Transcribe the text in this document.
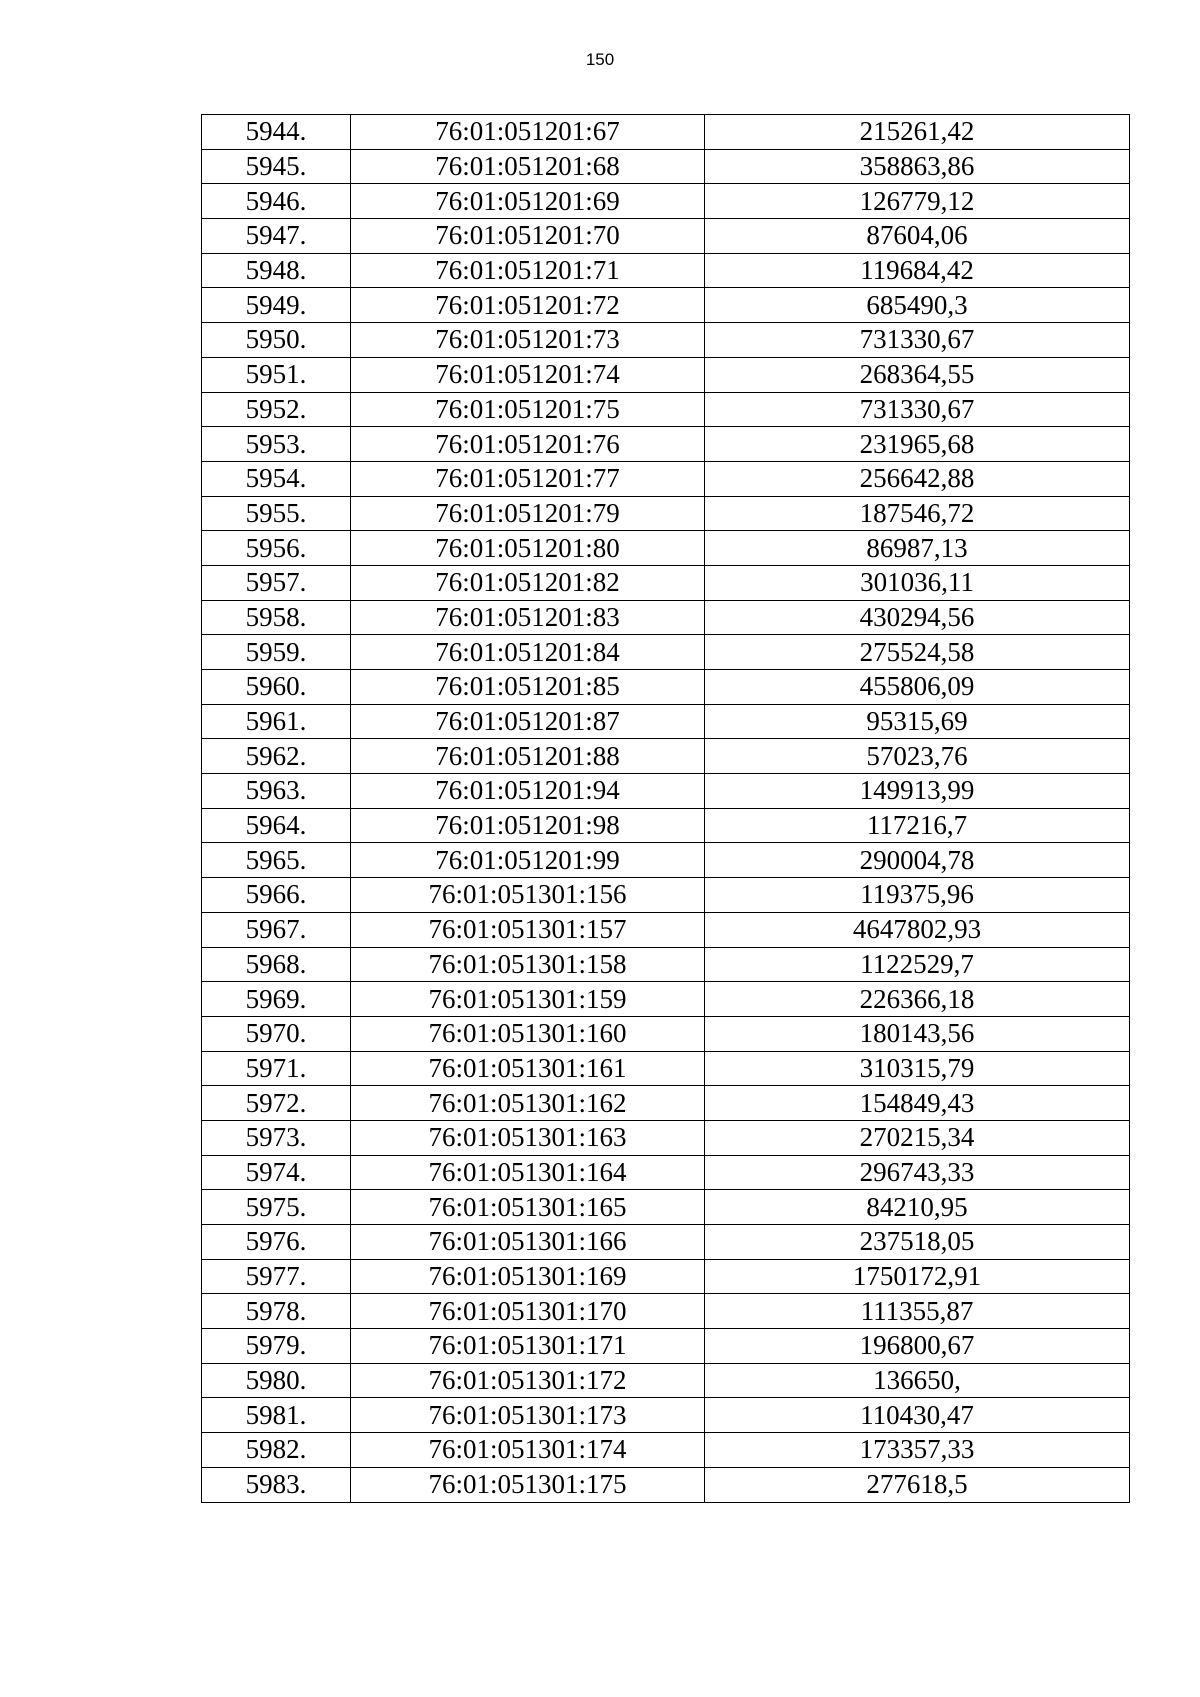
150
5944.	76:01:051201:67	215261,42
5945.	76:01:051201:68	358863,86
5946.	76:01:051201:69	126779,12
5947.	76:01:051201:70	87604,06
5948.	76:01:051201:71	119684,42
5949.	76:01:051201:72	685490,3
5950.	76:01:051201:73	731330,67
5951.	76:01:051201:74	268364,55
5952.	76:01:051201:75	731330,67
5953.	76:01:051201:76	231965,68
5954.	76:01:051201:77	256642,88
5955.	76:01:051201:79	187546,72
5956.	76:01:051201:80	86987,13
5957.	76:01:051201:82	301036,11
5958.	76:01:051201:83	430294,56
5959.	76:01:051201:84	275524,58
5960.	76:01:051201:85	455806,09
5961.	76:01:051201:87	95315,69
5962.	76:01:051201:88	57023,76
5963.	76:01:051201:94	149913,99
5964.	76:01:051201:98	117216,7
5965.	76:01:051201:99	290004,78
5966.	76:01:051301:156	119375,96
5967.	76:01:051301:157	4647802,93
5968.	76:01:051301:158	1122529,7
5969.	76:01:051301:159	226366,18
5970.	76:01:051301:160	180143,56
5971.	76:01:051301:161	310315,79
5972.	76:01:051301:162	154849,43
5973.	76:01:051301:163	270215,34
5974.	76:01:051301:164	296743,33
5975.	76:01:051301:165	84210,95
5976.	76:01:051301:166	237518,05
5977.	76:01:051301:169	1750172,91
5978.	76:01:051301:170	111355,87
5979.	76:01:051301:171	196800,67
5980.	76:01:051301:172	136650,
5981.	76:01:051301:173	110430,47
5982.	76:01:051301:174	173357,33
5983.	76:01:051301:175	277618,5
